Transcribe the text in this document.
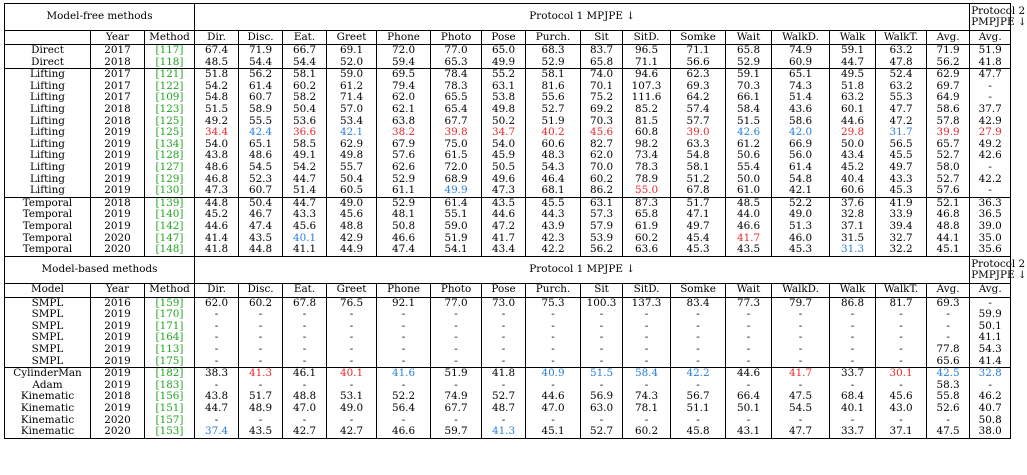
Model-free methods			Protocol 1 MPJPE ↓																Protocol 2
PMPJPE ↓

	Year	Method	Dir.	Disc.	Eat.	Greet	Phone	Photo	Pose	Purch.	Sit	SitD.	Somke	Wait	WalkD.	Walk	WalkT.	Avg.	Avg.
Direct	2017	[117]	67.4	71.9	66.7	69.1	72.0	77.0	65.0	68.3	83.7	96.5	71.1	65.8	74.9	59.1	63.2	71.9	51.9
Direct	2018	[118]	48.5	54.4	54.4	52.0	59.4	65.3	49.9	52.9	65.8	71.1	56.6	52.9	60.9	44.7	47.8	56.2	41.8
Lifting	2017	[121]	51.8	56.2	58.1	59.0	69.5	78.4	55.2	58.1	74.0	94.6	62.3	59.1	65.1	49.5	52.4	62.9	47.7
Lifting	2017	[122]	54.2	61.4	60.2	61.2	79.4	78.3	63.1	81.6	70.1	107.3	69.3	70.3	74.3	51.8	63.2	69.7	-
Lifting	2017	[109]	54.8	60.7	58.2	71.4	62.0	65.5	53.8	55.6	75.2	111.6	64.2	66.1	51.4	63.2	55.3	64.9	-
Lifting	2018	[123]	51.5	58.9	50.4	57.0	62.1	65.4	49.8	52.7	69.2	85.2	57.4	58.4	43.6	60.1	47.7	58.6	37.7
Lifting	2018	[125]	49.2	55.5	53.6	53.4	63.8	67.7	50.2	51.9	70.3	81.5	57.7	51.5	58.6	44.6	47.2	57.8	42.9
Lifting	2019	[125]	34.4	42.4	36.6	42.1	38.2	39.8	34.7	40.2	45.6	60.8	39.0	42.6	42.0	29.8	31.7	39.9	27.9
Lifting	2019	[134]	54.0	65.1	58.5	62.9	67.9	75.0	54.0	60.6	82.7	98.2	63.3	61.2	66.9	50.0	56.5	65.7	49.2
Lifting	2019	[128]	43.8	48.6	49.1	49.8	57.6	61.5	45.9	48.3	62.0	73.4	54.8	50.6	56.0	43.4	45.5	52.7	42.6
Lifting	2019	[127]	48.6	54.5	54.2	55.7	62.6	72.0	50.5	54.3	70.0	78.3	58.1	55.4	61.4	45.2	49.7	58.0	-
Lifting	2019	[129]	46.8	52.3	44.7	50.4	52.9	68.9	49.6	46.4	60.2	78.9	51.2	50.0	54.8	40.4	43.3	52.7	42.2
Lifting	2019	[130]	47.3	60.7	51.4	60.5	61.1	49.9	47.3	68.1	86.2	55.0	67.8	61.0	42.1	60.6	45.3	57.6	-
Temporal	2018	[139]	44.8	50.4	44.7	49.0	52.9	61.4	43.5	45.5	63.1	87.3	51.7	48.5	52.2	37.6	41.9	52.1	36.3
Temporal	2019	[140]	45.2	46.7	43.3	45.6	48.1	55.1	44.6	44.3	57.3	65.8	47.1	44.0	49.0	32.8	33.9	46.8	36.5
Temporal	2019	[142]	44.6	47.4	45.6	48.8	50.8	59.0	47.2	43.9	57.9	61.9	49.7	46.6	51.3	37.1	39.4	48.8	39.0
Temporal	2020	[147]	41.4	43.5	40.1	42.9	46.6	51.9	41.7	42.3	53.9	60.2	45.4	41.7	46.0	31.5	32.7	44.1	35.0
Temporal	2020	[148]	41.8	44.8	41.1	44.9	47.4	54.1	43.4	42.2	56.2	63.6	45.3	43.5	45.3	31.3	32.2	45.1	35.6
Model-based methods			Protocol 1 MPJPE ↓																Protocol 2
PMPJPE ↓

Model	Year	Method	Dir.	Disc.	Eat.	Greet	Phone	Photo	Pose	Purch.	Sit	SitD.	Somke	Wait	WalkD.	Walk	WalkT.	Avg.	Avg.
SMPL	2016	[159]	62.0	60.2	67.8	76.5	92.1	77.0	73.0	75.3	100.3	137.3	83.4	77.3	79.7	86.8	81.7	69.3	-
SMPL	2019	[170]	-	-	-	-	-	-	-	-	-	-	-	-	-	-	-	-	59.9
SMPL	2019	[171]	-	-	-	-	-	-	-	-	-	-	-	-	-	-	-	-	50.1
SMPL	2019	[164]	-	-	-	-	-	-	-	-	-	-	-	-	-	-	-	-	41.1
SMPL	2019	[113]	-	-	-	-	-	-	-	-	-	-	-	-	-	-	-	77.8	54.3
SMPL	2019	[175]	-	-	-	-	-	-	-	-	-	-	-	-	-	-	-	65.6	41.4
CylinderMan	2019	[182]	38.3	41.3	46.1	40.1	41.6	51.9	41.8	40.9	51.5	58.4	42.2	44.6	41.7	33.7	30.1	42.5	32.8
Adam	2019	[183]	-	-	-	-	-	-	-	-	-	-	-	-	-	-	-	58.3	-
Kinematic	2018	[156]	43.8	51.7	48.8	53.1	52.2	74.9	52.7	44.6	56.9	74.3	56.7	66.4	47.5	68.4	45.6	55.8	46.2
Kinematic	2019	[151]	44.7	48.9	47.0	49.0	56.4	67.7	48.7	47.0	63.0	78.1	51.1	50.1	54.5	40.1	43.0	52.6	40.7
Kinematic	2020	[157]	-	-	-	-	-	-	-	-	-	-	-	-	-	-	-	-	50.8
Kinematic	2020	[153]	37.4	43.5	42.7	42.7	46.6	59.7	41.3	45.1	52.7	60.2	45.8	43.1	47.7	33.7	37.1	47.5	38.0
